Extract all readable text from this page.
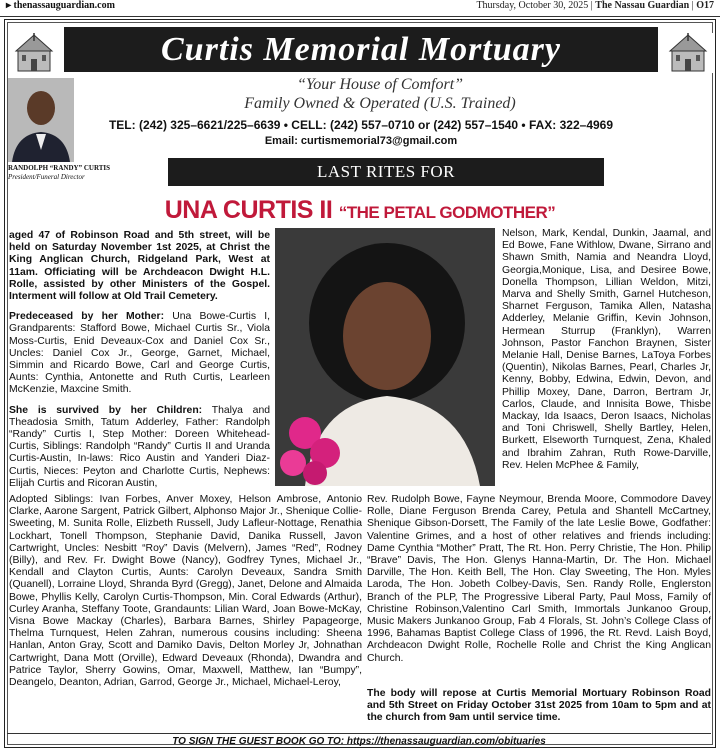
▸ thenassauguardian.com	Thursday, October 30, 2025 | The Nassau Guardian | O17
Curtis Memorial Mortuary
RANDOLPH “RANDY” CURTIS
President/Funeral Director
“Your House of Comfort”
Family Owned & Operated (U.S. Trained)
TEL: (242) 325–6621/225–6639 • CELL: (242) 557–0710 or (242) 557–1540 • FAX: 322–4969
Email: curtismemorial73@gmail.com
LAST RITES FOR
UNA CURTIS II “THE PETAL GODMOTHER”

aged 47 of Robinson Road and 5th street, will be held on Saturday November 1st 2025, at Christ the King Anglican Church, Ridgeland Park, West at 11am. Officiating will be Archdeacon Dwight H.L. Rolle, assisted by other Ministers of the Gospel. Interment will follow at Old Trail Cemetery.

Predeceased by her Mother: Una Bowe-Curtis I, Grandparents: Stafford Bowe, Michael Curtis Sr., Viola Moss-Curtis, Enid Deveaux-Cox and Daniel Cox Sr., Uncles: Daniel Cox Jr., George, Garnet, Michael, Simmin and Ricardo Bowe, Carl and George Curtis, Aunts: Cynthia, Antonette and Ruth Curtis, Learleen McKenzie, Maxcine Smith.

She is survived by her Children: Thalya and Theadosia Smith, Tatum Adderley, Father: Randolph “Randy” Curtis I, Step Mother: Doreen Whitehead-Curtis, Siblings: Randolph “Randy” Curtis II and Uranda Curtis-Austin, In-laws: Rico Austin and Yanderi Diaz-Curtis, Nieces: Peyton and Charlotte Curtis, Nephews: Elijah Curtis and Ricoran Austin,

Nelson, Mark, Kendal, Dunkin, Jaamal, and Ed Bowe, Fane Withlow, Dwane, Sirrano and Shawn Smith, Namia and Neandra Lloyd, Georgia,Monique, Lisa, and Desiree Bowe, Donella Thompson, Lillian Weldon, Mitzi, Marva and Shelly Smith, Garnel Hutcheson, Sharnet Ferguson, Tamika Allen, Natasha Adderley, Melanie Griffin, Kevin Johnson, Hermean Sturrup (Franklyn), Warren Johnson, Pastor Fanchon Braynen, Sister Melanie Hall, Denise Barnes, LaToya Forbes (Quentin), Nikolas Barnes, Pearl, Charles Jr, Kenny, Bobby, Edwina, Edwin, Devon, and Phillip Moxey, Dane, Darron, Bertram Jr, Carlos, Claude, and Innisita Bowe, Thisbe Mackay, Ida Isaacs, Deron Isaacs, Nicholas and Toni Chriswell, Shelly Bartley, Helen, Burkett, Elseworth Turnquest, Zena, Khaled and Ibrahim Zahran, Ruth Rowe-Darville, Rev. Helen McPhee & Family,
Adopted Siblings: Ivan Forbes, Anver Moxey, Helson Ambrose, Antonio Clarke, Aarone Sargent, Patrick Gilbert, Alphonso Major Jr., Shenique Collie-Sweeting, M. Sunita Rolle, Elizbeth Russell, Judy Lafleur-Nottage, Renathia Lockhart, Tonell Thompson, Stephanie David, Danika Russell, Javon Cartwright, Uncles: Nesbitt “Roy” Davis (Melvern), James “Red”, Rodney (Billy), and Rev. Fr. Dwight Bowe (Nancy), Godfrey Tynes, Michael Jr., Kendall and Clayton Curtis, Aunts: Carolyn Deveaux, Sandra Smith (Quanell), Lorraine Lloyd, Shranda Byrd (Gregg), Janet, Delone and Almaida Bowe, Phyllis Kelly, Carolyn Curtis-Thompson, Min. Coral Edwards (Arthur), Curley Aranha, Steffany Toote, Grandaunts: Lilian Ward, Joan Bowe-McKay, Visna Bowe Mackay (Charles), Barbara Barnes, Shirley Papageorge, Thelma Turnquest, Helen Zahran, numerous cousins including: Sheena Hanlan, Anton Gray, Scott and Damiko Davis, Delton Morley Jr, Johnathan Cartwright, Dana Mott (Orville), Edward Deveaux (Rhonda), Dwandra and Patrice Taylor, Sherry Gowins, Omar, Maxwell, Matthew, Ian “Bumpy”, Deangelo, Deanton, Adrian, Garrod, George Jr., Michael, Michael-Leroy,
Rev. Rudolph Bowe, Fayne Neymour, Brenda Moore, Commodore Davey Rolle, Diane Ferguson Brenda Carey, Petula and Shantell McCartney, Shenique Gibson-Dorsett, The Family of the late Leslie Bowe, Godfather: Valentine Grimes, and a host of other relatives and friends including: Dame Cynthia “Mother” Pratt, The Rt. Hon. Perry Christie, The Hon. Philip “Brave” Davis, The Hon. Glenys Hanna-Martin, Dr. The Hon. Michael Darville, The Hon. Keith Bell, The Hon. Clay Sweeting, The Hon. Myles Laroda, The Hon. Jobeth Colbey-Davis, Sen. Randy Rolle, Englerston Branch of the PLP, The Progressive Liberal Party, Paul Moss, Family of Christine Robinson,Valentino Carl Smith, Immortals Junkanoo Group, Music Makers Junkanoo Group, Fab 4 Florals, St. John’s College Class of 1996, Bahamas Baptist College Class of 1996, the Rt. Revd. Laish Boyd, Archdeacon Dwight Rolle, Rochelle Rolle and Christ the King Anglican Church.
The body will repose at Curtis Memorial Mortuary Robinson Road and 5th Street on Friday October 31st 2025 from 10am to 5pm and at the church from 9am until service time.
TO SIGN THE GUEST BOOK GO TO: https://thenassauguardian.com/obituaries
